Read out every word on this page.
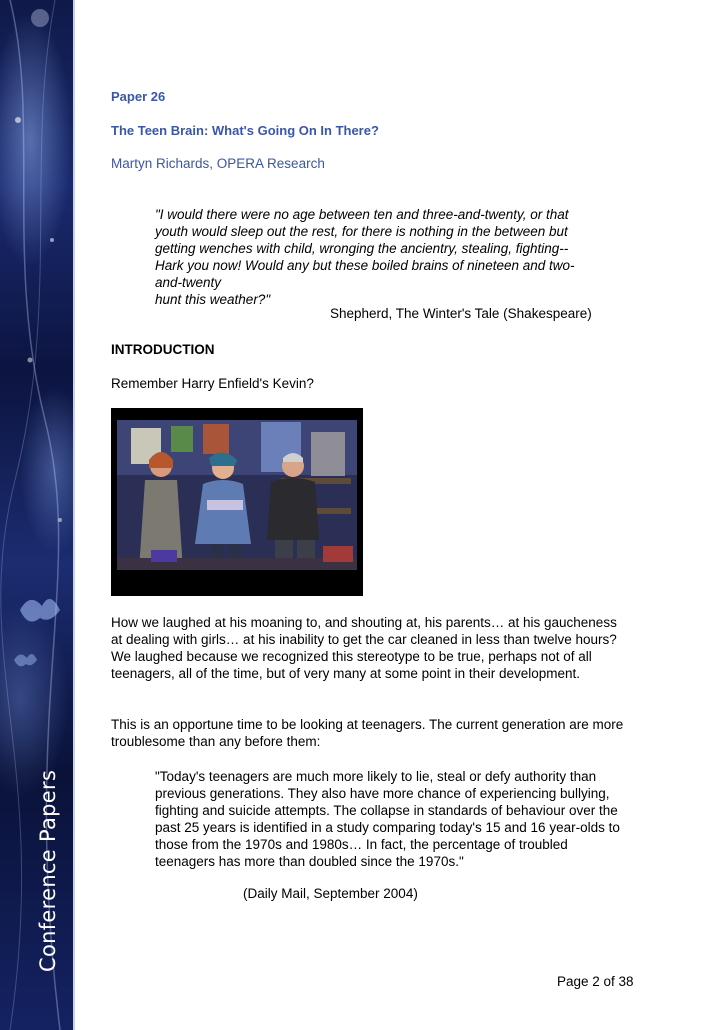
Conference Papers
Paper 26
The Teen Brain: What's Going On In There?
Martyn Richards, OPERA Research

"I would there were no age between ten and three-and-twenty, or that

youth would sleep out the rest, for there is nothing in the between but

getting wenches with child, wronging the ancientry, stealing, fighting--

Hark you now! Would any but these boiled brains of nineteen and two-

and-twenty

hunt this weather?"

Shepherd, The Winter's Tale (Shakespeare)
INTRODUCTION
Remember Harry Enfield's Kevin?

How we laughed at his moaning to, and shouting at, his parents… at his gaucheness at dealing with girls… at his inability to get the car cleaned in less than twelve hours? We laughed because we recognized this stereotype to be true, perhaps not of all teenagers, all of the time, but of very many at some point in their development.

This is an opportune time to be looking at teenagers. The current generation are more troublesome than any before them:

"Today's teenagers are much more likely to lie, steal or defy authority than previous generations. They also have more chance of experiencing bullying, fighting and suicide attempts. The collapse in standards of behaviour over the past 25 years is identified in a study comparing today's 15 and 16 year-olds to those from the 1970s and 1980s… In fact, the percentage of troubled teenagers has more than doubled since the 1970s."

(Daily Mail, September 2004)
Page 2 of 38
